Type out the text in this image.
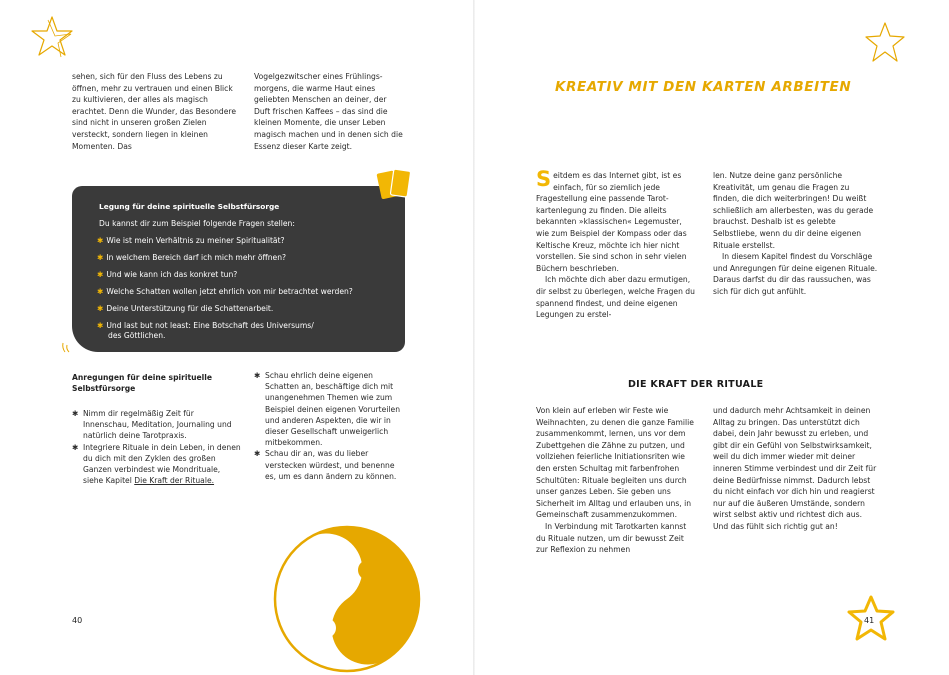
sehen, sich für den Fluss des Lebens zu öffnen, mehr zu vertrauen und einen Blick zu kultivieren, der alles als magisch erachtet. Denn die Wunder, das Besondere sind nicht in unseren großen Zielen versteckt, sondern liegen in kleinen Momenten. Das

Vogelgezwitscher eines Frühlingsmorgens, die warme Haut eines geliebten Menschen an deiner, der Duft frischen Kaffees – das sind die kleinen Momente, die unser Leben magisch machen und in denen sich die Essenz dieser Karte zeigt.

Legung für deine spirituelle Selbstfürsorge
Du kannst dir zum Beispiel folgende Fragen stellen:
✱ Wie ist mein Verhältnis zu meiner Spiritualität?
✱ In welchem Bereich darf ich mich mehr öffnen?
✱ Und wie kann ich das konkret tun?
✱ Welche Schatten wollen jetzt ehrlich von mir betrachtet werden?
✱ Deine Unterstützung für die Schattenarbeit.
✱ Und last but not least: Eine Botschaft des Universums/
des Göttlichen.
Anregungen für deine spirituelle
Selbstfürsorge
✱ Nimm dir regelmäßig Zeit für Innenschau, Meditation, Journaling und natürlich deine Tarotpraxis.
✱ Integriere Rituale in dein Leben, in denen du dich mit den Zyklen des großen Ganzen verbindest wie Mondrituale, siehe Kapitel Die Kraft der Rituale.
✱ Schau ehrlich deine eigenen Schatten an, beschäftige dich mit unangenehmen Themen wie zum Beispiel deinen eigenen Vorurteilen und anderen Aspekten, die wir in dieser Gesellschaft unweigerlich mitbekommen.
✱ Schau dir an, was du lieber verstecken würdest, und benenne es, um es dann ändern zu können.
40
KREATIV MIT DEN KARTEN ARBEITEN

Seitdem es das Internet gibt, ist es einfach, für so ziemlich jede Fragestellung eine passende Tarotkartenlegung zu finden. Die alleits bekannten »klassischen« Legemuster, wie zum Beispiel der Kompass oder das Keltische Kreuz, möchte ich hier nicht vorstellen. Sie sind schon in sehr vielen Büchern beschrieben.

Ich möchte dich aber dazu ermutigen, dir selbst zu überlegen, welche Fragen du spannend findest, und deine eigenen Legungen zu erstel-

len. Nutze deine ganz persönliche Kreativität, um genau die Fragen zu finden, die dich weiterbringen! Du weißt schließlich am allerbesten, was du gerade brauchst. Deshalb ist es gelebte Selbstliebe, wenn du dir deine eigenen Rituale erstellst.

In diesem Kapitel findest du Vorschläge und Anregungen für deine eigenen Rituale. Daraus darfst du dir das raussuchen, was sich für dich gut anfühlt.

DIE KRAFT DER RITUALE

Von klein auf erleben wir Feste wie Weihnachten, zu denen die ganze Familie zusammenkommt, lernen, uns vor dem Zubettgehen die Zähne zu putzen, und vollziehen feierliche Initiationsriten wie den ersten Schultag mit farbenfrohen Schultüten: Rituale begleiten uns durch unser ganzes Leben. Sie geben uns Sicherheit im Alltag und erlauben uns, in Gemeinschaft zusammenzukommen.

In Verbindung mit Tarotkarten kannst du Rituale nutzen, um dir bewusst Zeit zur Reflexion zu nehmen

und dadurch mehr Achtsamkeit in deinen Alltag zu bringen. Das unterstützt dich dabei, dein Jahr bewusst zu erleben, und gibt dir ein Gefühl von Selbstwirksamkeit, weil du dich immer wieder mit deiner inneren Stimme verbindest und dir Zeit für deine Bedürfnisse nimmst. Dadurch lebst du nicht einfach vor dich hin und reagierst nur auf die äußeren Umstände, sondern wirst selbst aktiv und richtest dich aus. Und das fühlt sich richtig gut an!

41
